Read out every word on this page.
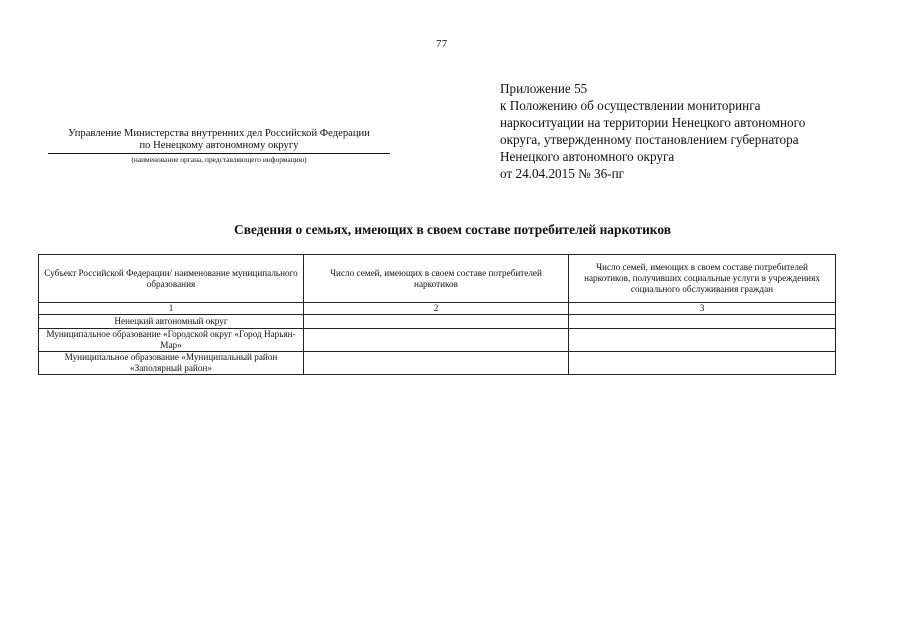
77
Приложение 55
к Положению об осуществлении мониторинга
наркоситуации на территории Ненецкого автономного
округа, утвержденному постановлением губернатора
Ненецкого автономного округа
от 24.04.2015 № 36-пг
Управление Министерства внутренних дел Российской Федерации
по Ненецкому автономному округу
(наименование органа, представляющего информацию)
Сведения о семьях, имеющих в своем составе потребителей наркотиков
Субъект Российской Федерации/ наименование муниципального образования	Число семей, имеющих в своем составе потребителей наркотиков	Число семей, имеющих в своем составе потребителей наркотиков, получивших социальные услуги в учреждениях социального обслуживания граждан
1	2	3
Ненецкий автономный округ		
Муниципальное образование «Городской округ «Город Нарьян-Мар»		
Муниципальное образование «Муниципальный район «Заполярный район»		
